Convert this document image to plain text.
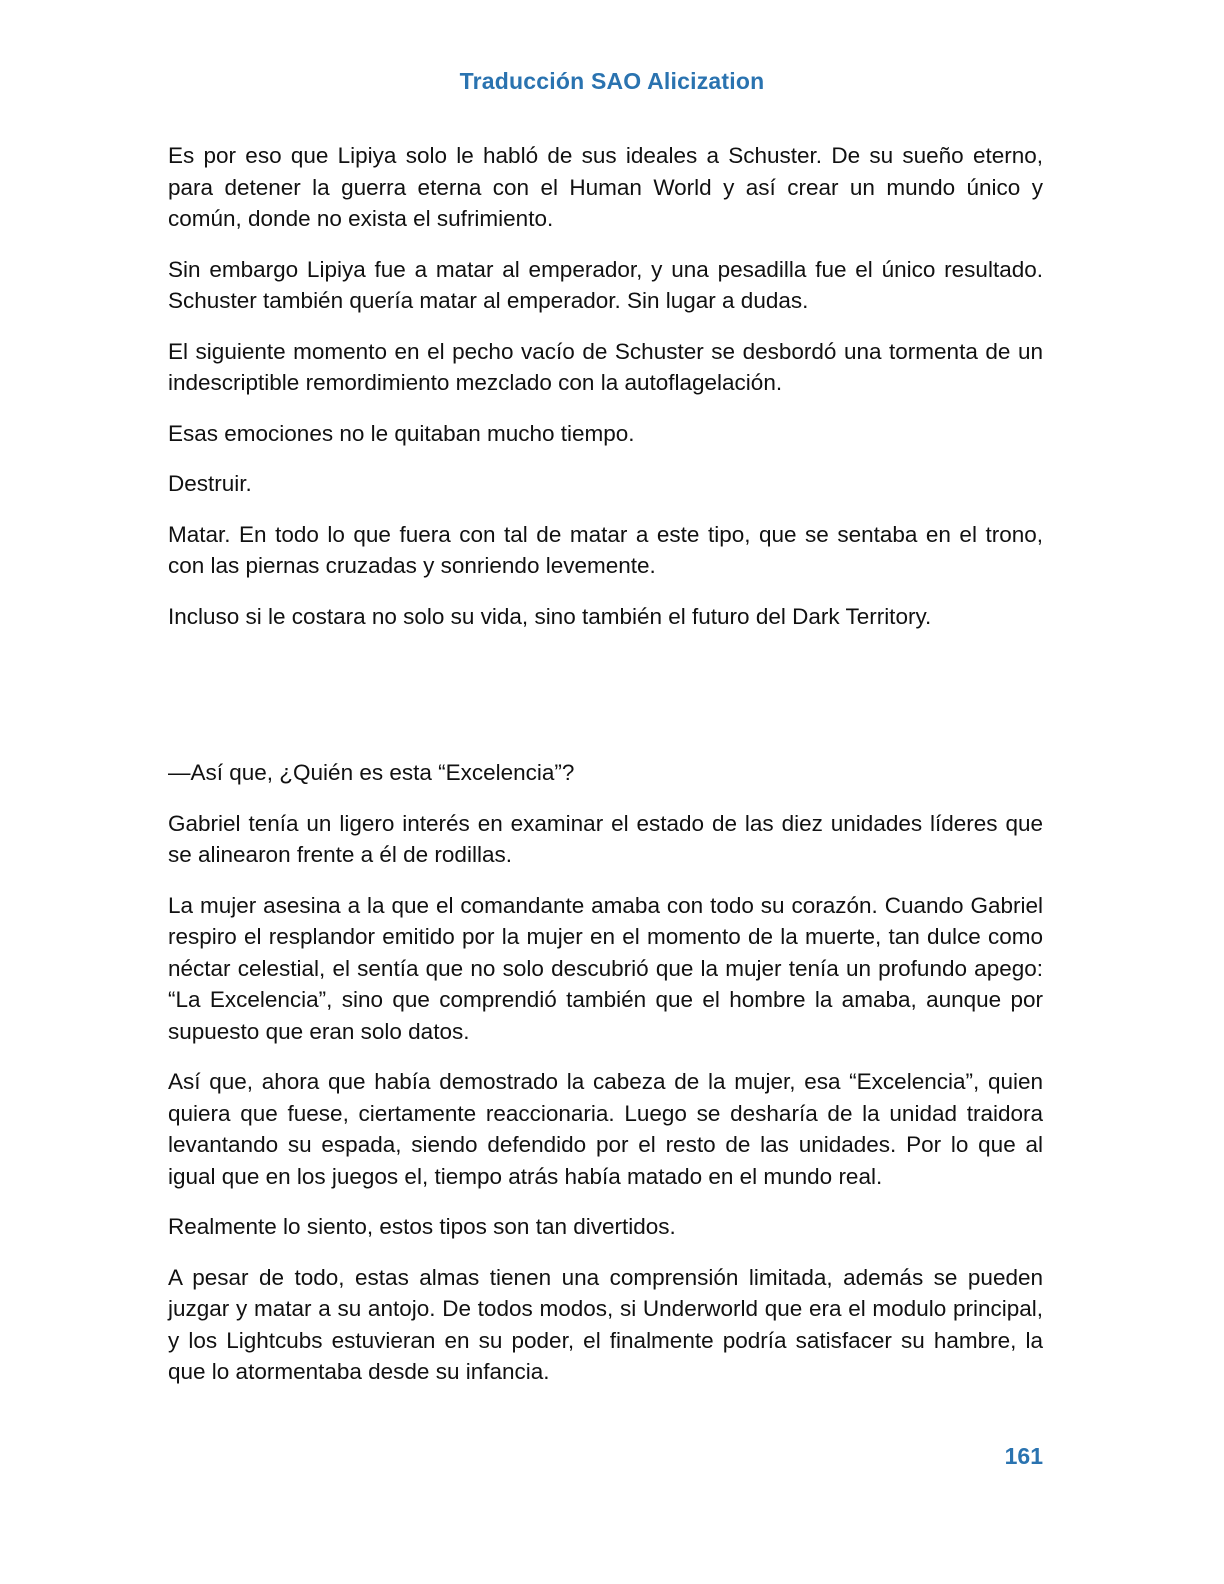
Traducción SAO Alicization

Es por eso que Lipiya solo le habló de sus ideales a Schuster. De su sueño eterno, para detener la guerra eterna con el Human World y así crear un mundo único y común, donde no exista el sufrimiento.

Sin embargo Lipiya fue a matar al emperador, y una pesadilla fue el único resultado. Schuster también quería matar al emperador. Sin lugar a dudas.

El siguiente momento en el pecho vacío de Schuster se desbordó una tormenta de un indescriptible remordimiento mezclado con la autoflagelación.

Esas emociones no le quitaban mucho tiempo.

Destruir.

Matar. En todo lo que fuera con tal de matar a este tipo, que se sentaba en el trono, con las piernas cruzadas y sonriendo levemente.

Incluso si le costara no solo su vida, sino también el futuro del Dark Territory.

—Así que, ¿Quién es esta “Excelencia”?

Gabriel tenía un ligero interés en examinar el estado de las diez unidades líderes que se alinearon frente a él de rodillas.

La mujer asesina a la que el comandante amaba con todo su corazón. Cuando Gabriel respiro el resplandor emitido por la mujer en el momento de la muerte, tan dulce como néctar celestial, el sentía que no solo descubrió que la mujer tenía un profundo apego: “La Excelencia”, sino que comprendió también que el hombre la amaba, aunque por supuesto que eran solo datos.

Así que, ahora que había demostrado la cabeza de la mujer, esa “Excelencia”, quien quiera que fuese, ciertamente reaccionaria. Luego se desharía de la unidad traidora levantando su espada, siendo defendido por el resto de las unidades. Por lo que al igual que en los juegos el, tiempo atrás había matado en el mundo real.

Realmente lo siento, estos tipos son tan divertidos.

A pesar de todo, estas almas tienen una comprensión limitada, además se pueden juzgar y matar a su antojo. De todos modos, si Underworld que era el modulo principal, y los Lightcubs estuvieran en su poder, el finalmente podría satisfacer su hambre, la que lo atormentaba desde su infancia.

161
